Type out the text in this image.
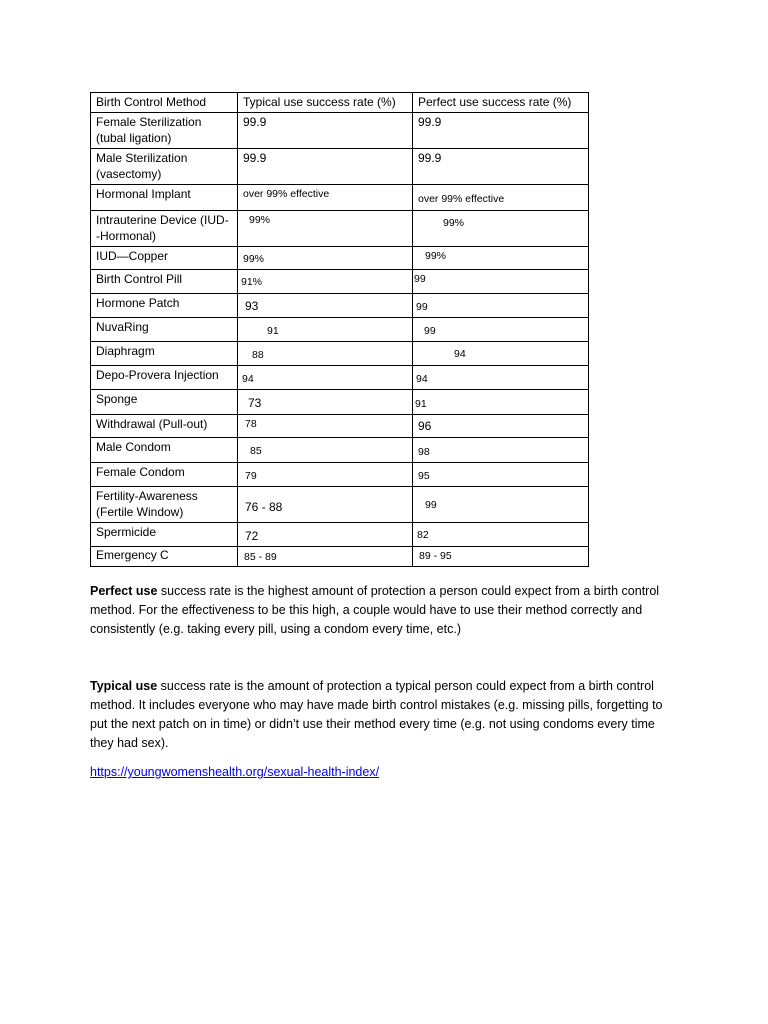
Birth Control Method	Typical use success rate (%)	Perfect use success rate (%)
Female Sterilization (tubal ligation)	99.9	99.9
Male Sterilization (vasectomy)	99.9	99.9
Hormonal Implant	over 99% effective	over 99% effective
Intrauterine Device (IUD--Hormonal)	99%	99%
IUD—Copper	99%	99%
Birth Control Pill	91%	99
Hormone Patch	93	99
NuvaRing	91	99
Diaphragm	88	94
Depo-Provera Injection	94	94
Sponge	73	91
Withdrawal (Pull-out)	78	96
Male Condom	85	98
Female Condom	79	95
Fertility-Awareness (Fertile Window)	76 - 88	99
Spermicide	72	82
Emergency C	85 - 89	89 - 95

Perfect use success rate is the highest amount of protection a person could expect from a birth control method. For the effectiveness to be this high, a couple would have to use their method correctly and consistently (e.g. taking every pill, using a condom every time, etc.)

Typical use success rate is the amount of protection a typical person could expect from a birth control method. It includes everyone who may have made birth control mistakes (e.g. missing pills, forgetting to put the next patch on in time) or didn’t use their method every time (e.g. not using condoms every time they had sex).

https://youngwomenshealth.org/sexual-health-index/
